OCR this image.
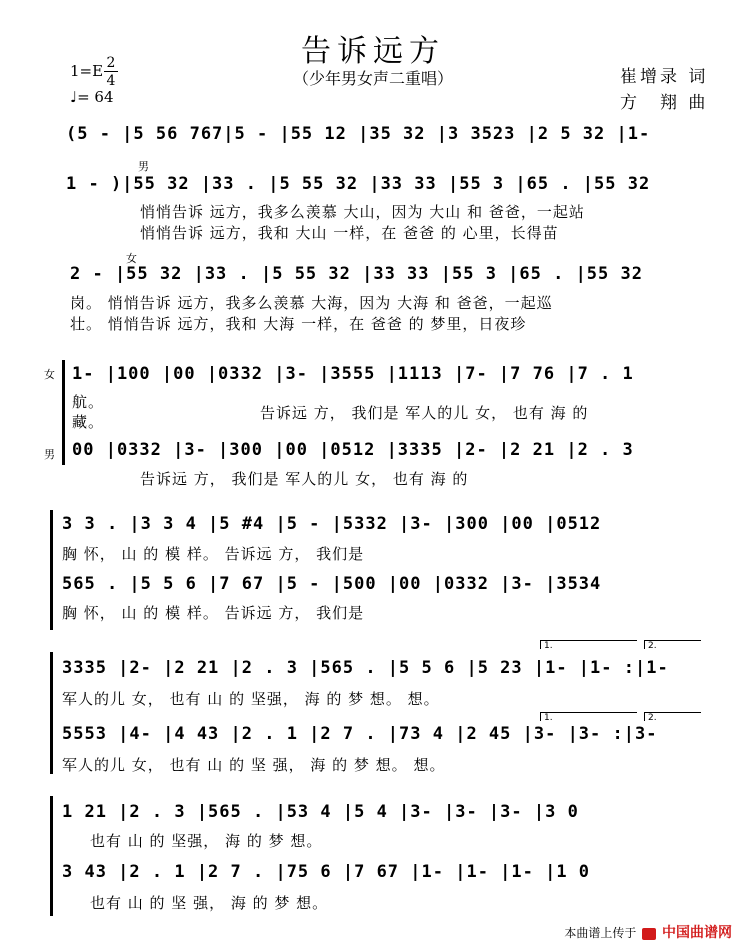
告诉远方
（少年男女声二重唱）	崔增录 词
方　翔 曲
1=E 2
4
♩= 64
(5 - |5 56 767|5 - |55 12 |35 32 |3 3523 |2 5 32 |1-
男
1 - )|55 32 |33 . |5 55 32 |33 33 |55 3 |65 . |55 32
悄悄告诉 远方，我多么羡慕 大山，因为 大山 和 爸爸，一起站
悄悄告诉 远方，我和 大山 一样，在 爸爸 的 心里，长得苗
女
2 - |55 32 |33 . |5 55 32 |33 33 |55 3 |65 . |55 32
岗。 悄悄告诉 远方，我多么羡慕 大海，因为 大海 和 爸爸，一起巡
壮。 悄悄告诉 远方，我和 大海 一样，在 爸爸 的 梦里，日夜珍
女 1- |100 |00 |0332 |3- |3555 |1113 |7- |7 76 |7 . 1
航。
藏。	告诉远 方， 我们是 军人的儿 女， 也有 海 的
男 00 |0332 |3- |300 |00 |0512 |3335 |2- |2 21 |2 . 3
告诉远 方， 我们是 军人的儿 女， 也有 海 的
3 3 . |3 3 4 |5 #4 |5 - |5332 |3- |300 |00 |0512
胸 怀， 山 的 模 样。 告诉远 方， 我们是
565 . |5 5 6 |7 67 |5 - |500 |00 |0332 |3- |3534
胸 怀， 山 的 模 样。 告诉远 方， 我们是
1.	2.
3335 |2- |2 21 |2 . 3 |565 . |5 5 6 |5 23 |1- |1- :|1-
军人的儿 女， 也有 山 的 坚强， 海 的 梦 想。 想。
1.	2.
5553 |4- |4 43 |2 . 1 |2 7 . |73 4 |2 45 |3- |3- :|3-
军人的儿 女， 也有 山 的 坚 强， 海 的 梦 想。 想。
1 21 |2 . 3 |565 . |53 4 |5 4 |3- |3- |3- |3 0
也有 山 的 坚强， 海 的 梦 想。
3 43 |2 . 1 |2 7 . |75 6 |7 67 |1- |1- |1- |1 0
也有 山 的 坚 强， 海 的 梦 想。
本曲谱上传于 中国曲谱网
